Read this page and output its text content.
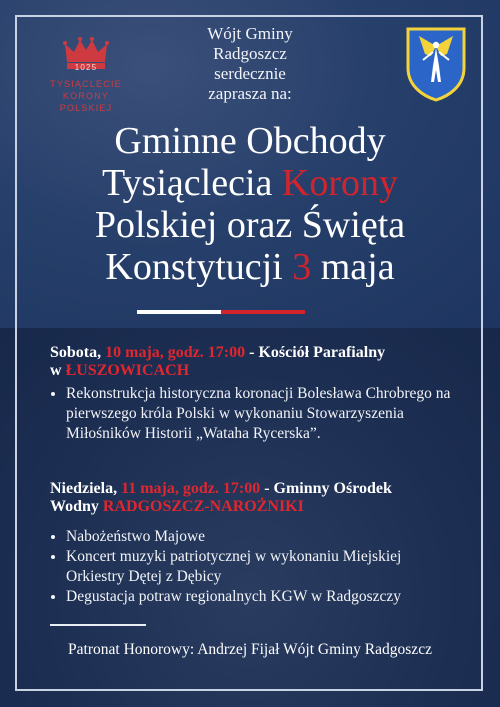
1025
TYSIĄCLECIE KORONY
POLSKIEJ
Wójt Gminy
Radgoszcz
serdecznie
zaprasza na:
Gminne Obchody
Tysiąclecia Korony
Polskiej oraz Święta
Konstytucji 3 maja
Sobota, 10 maja, godz. 17:00 - Kościół Parafialny
w ŁUSZOWICACH
• Rekonstrukcja historyczna koronacji Bolesława Chrobrego na pierwszego króla Polski w wykonaniu Stowarzyszenia Miłośników Historii „Wataha Rycerska”.
Niedziela, 11 maja, godz. 17:00 - Gminny Ośrodek
Wodny RADGOSZCZ-NAROŻNIKI
• Nabożeństwo Majowe
• Koncert muzyki patriotycznej w wykonaniu Miejskiej Orkiestry Dętej z Dębicy
• Degustacja potraw regionalnych KGW w Radgoszczy
Patronat Honorowy: Andrzej Fijał Wójt Gminy Radgoszcz
